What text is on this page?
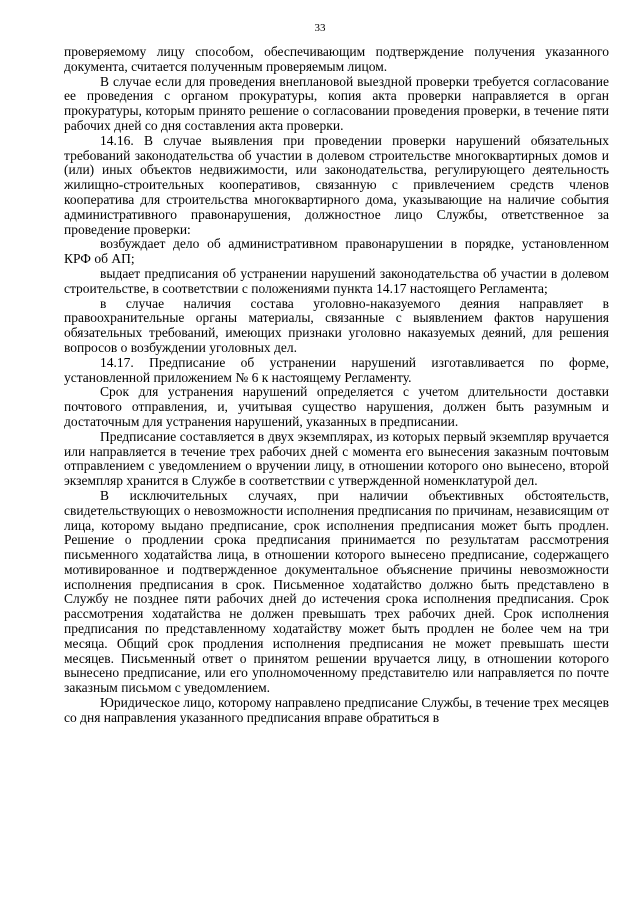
33

проверяемому лицу способом, обеспечивающим подтверждение получения указанного документа, считается полученным проверяемым лицом.

В случае если для проведения внеплановой выездной проверки требуется согласование ее проведения с органом прокуратуры, копия акта проверки направляется в орган прокуратуры, которым принято решение о согласовании проведения проверки, в течение пяти рабочих дней со дня составления акта проверки.

14.16. В случае выявления при проведении проверки нарушений обязательных требований законодательства об участии в долевом строительстве многоквартирных домов и (или) иных объектов недвижимости, или законодательства, регулирующего деятельность жилищно-строительных кооперативов, связанную с привлечением средств членов кооператива для строительства многоквартирного дома, указывающие на наличие события административного правонарушения, должностное лицо Службы, ответственное за проведение проверки:

возбуждает дело об административном правонарушении в порядке, установленном КРФ об АП;

выдает предписания об устранении нарушений законодательства об участии в долевом строительстве, в соответствии с положениями пункта 14.17 настоящего Регламента;

в случае наличия состава уголовно-наказуемого деяния направляет в правоохранительные органы материалы, связанные с выявлением фактов нарушения обязательных требований, имеющих признаки уголовно наказуемых деяний, для решения вопросов о возбуждении уголовных дел.

14.17. Предписание об устранении нарушений изготавливается по форме, установленной приложением № 6 к настоящему Регламенту.

Срок для устранения нарушений определяется с учетом длительности доставки почтового отправления, и, учитывая существо нарушения, должен быть разумным и достаточным для устранения нарушений, указанных в предписании.

Предписание составляется в двух экземплярах, из которых первый экземпляр вручается или направляется в течение трех рабочих дней с момента его вынесения заказным почтовым отправлением с уведомлением о вручении лицу, в отношении которого оно вынесено, второй экземпляр хранится в Службе в соответствии с утвержденной номенклатурой дел.

В исключительных случаях, при наличии объективных обстоятельств, свидетельствующих о невозможности исполнения предписания по причинам, независящим от лица, которому выдано предписание, срок исполнения предписания может быть продлен. Решение о продлении срока предписания принимается по результатам рассмотрения письменного ходатайства лица, в отношении которого вынесено предписание, содержащего мотивированное и подтвержденное документальное объяснение причины невозможности исполнения предписания в срок. Письменное ходатайство должно быть представлено в Службу не позднее пяти рабочих дней до истечения срока исполнения предписания. Срок рассмотрения ходатайства не должен превышать трех рабочих дней. Срок исполнения предписания по представленному ходатайству может быть продлен не более чем на три месяца. Общий срок продления исполнения предписания не может превышать шести месяцев. Письменный ответ о принятом решении вручается лицу, в отношении которого вынесено предписание, или его уполномоченному представителю или направляется по почте заказным письмом с уведомлением.

Юридическое лицо, которому направлено предписание Службы, в течение трех месяцев со дня направления указанного предписания вправе обратиться в
